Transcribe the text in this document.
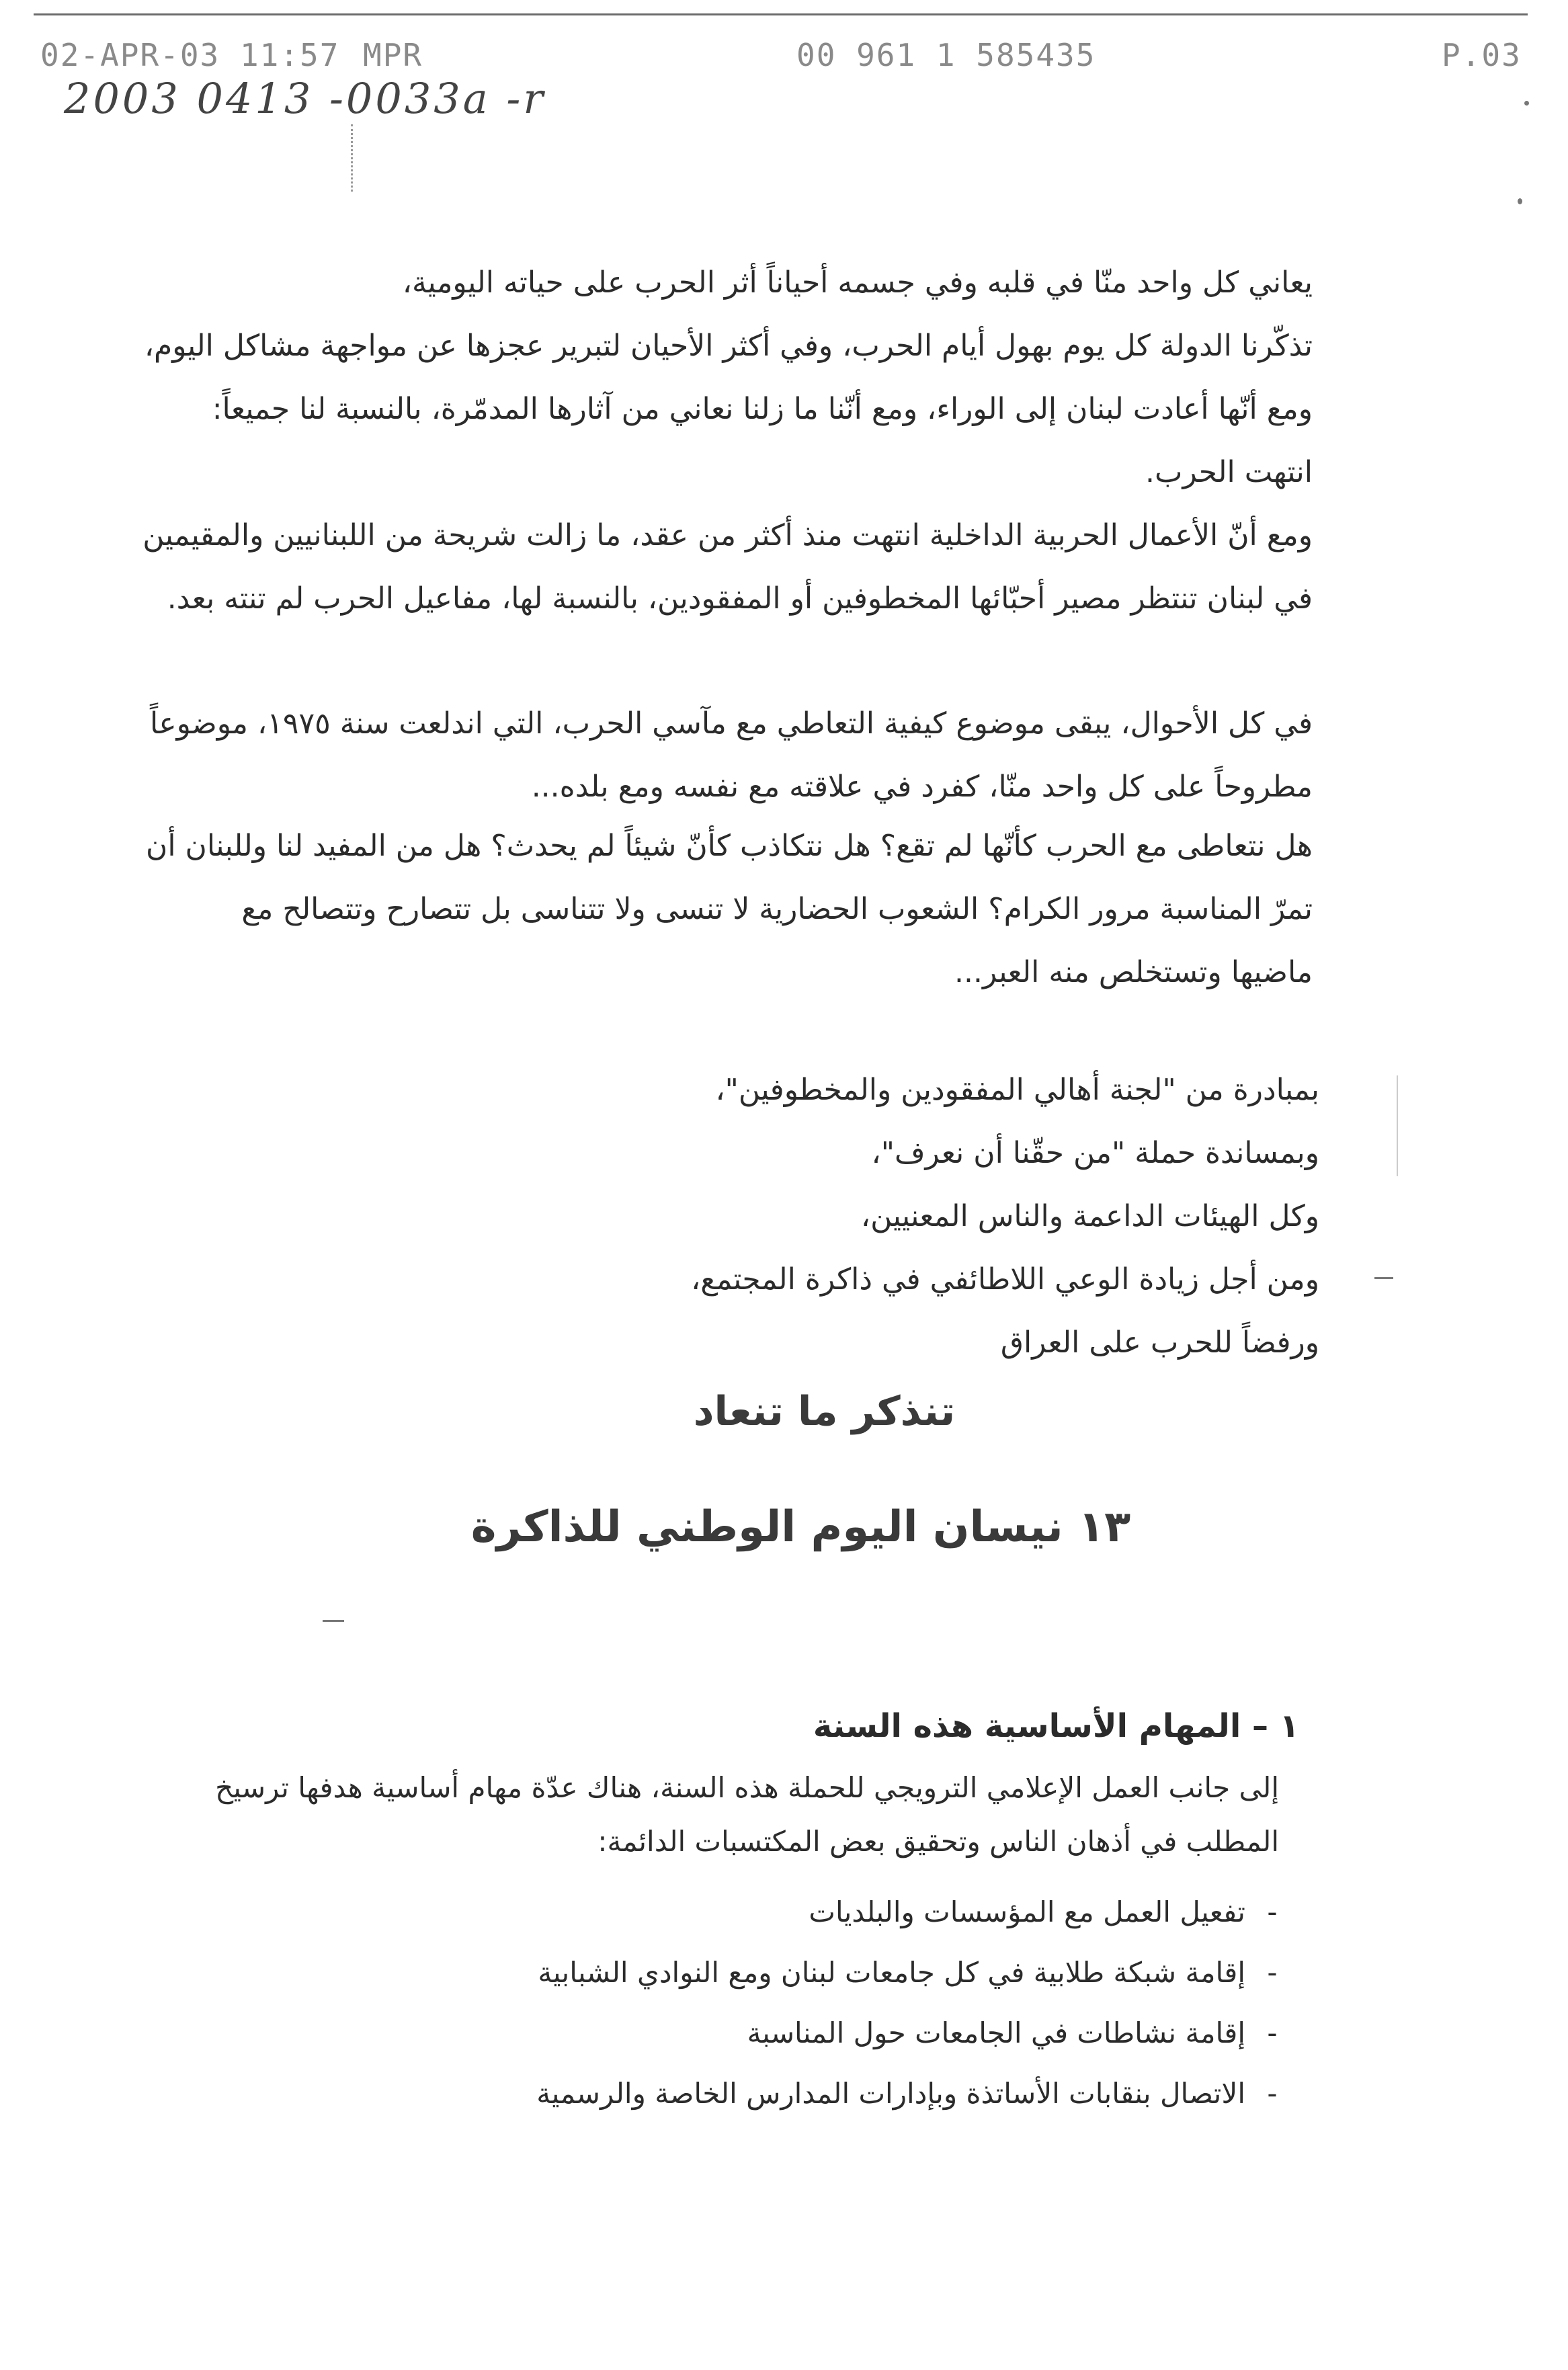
02-APR-03 11:57 MPR	00 961 1 585435	P.03
2003 0413 -0033a -r
يعاني كل واحد منّا في قلبه وفي جسمه أحياناً أثر الحرب على حياته اليومية،
تذكّرنا الدولة كل يوم بهول أيام الحرب، وفي أكثر الأحيان لتبرير عجزها عن مواجهة مشاكل اليوم،
ومع أنّها أعادت لبنان إلى الوراء، ومع أنّنا ما زلنا نعاني من آثارها المدمّرة، بالنسبة لنا جميعاً:
انتهت الحرب.
ومع أنّ الأعمال الحربية الداخلية انتهت منذ أكثر من عقد، ما زالت شريحة من اللبنانيين والمقيمين
في لبنان تنتظر مصير أحبّائها المخطوفين أو المفقودين، بالنسبة لها، مفاعيل الحرب لم تنته بعد.
في كل الأحوال، يبقى موضوع كيفية التعاطي مع مآسي الحرب، التي اندلعت سنة ١٩٧٥، موضوعاً
مطروحاً على كل واحد منّا، كفرد في علاقته مع نفسه ومع بلده...
هل نتعاطى مع الحرب كأنّها لم تقع؟ هل نتكاذب كأنّ شيئاً لم يحدث؟ هل من المفيد لنا وللبنان أن
تمرّ المناسبة مرور الكرام؟ الشعوب الحضارية لا تنسى ولا تتناسى بل تتصارح وتتصالح مع
ماضيها وتستخلص منه العبر...
بمبادرة من "لجنة أهالي المفقودين والمخطوفين"،
وبمساندة حملة "من حقّنا أن نعرف"،
وكل الهيئات الداعمة والناس المعنيين،
ومن أجل زيادة الوعي اللاطائفي في ذاكرة المجتمع،
ورفضاً للحرب على العراق
تنذكر ما تنعاد
١٣ نيسان اليوم الوطني للذاكرة
١ – المهام الأساسية هذه السنة
إلى جانب العمل الإعلامي الترويجي للحملة هذه السنة، هناك عدّة مهام أساسية هدفها ترسيخ
المطلب في أذهان الناس وتحقيق بعض المكتسبات الدائمة:
-تفعيل العمل مع المؤسسات والبلديات
-إقامة شبكة طلابية في كل جامعات لبنان ومع النوادي الشبابية
-إقامة نشاطات في الجامعات حول المناسبة
-الاتصال بنقابات الأساتذة وبإدارات المدارس الخاصة والرسمية
